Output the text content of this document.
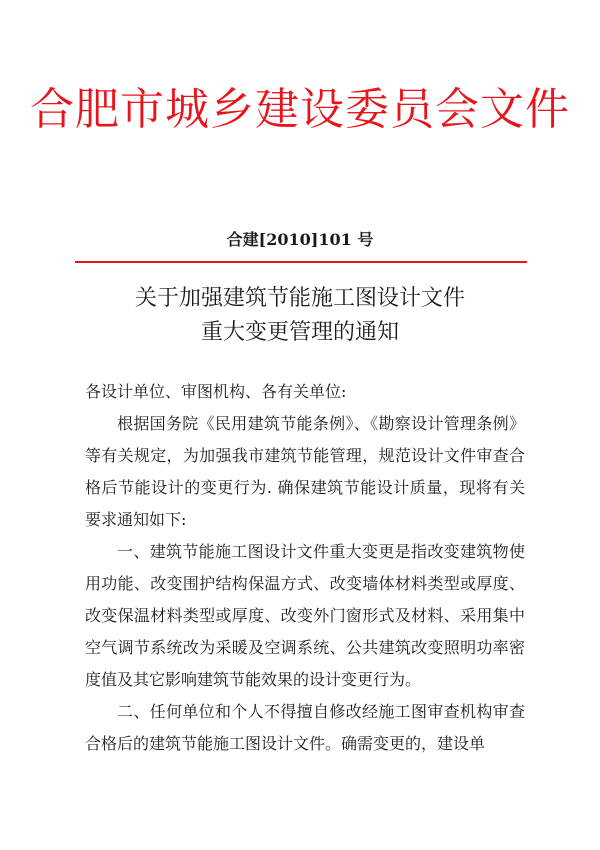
合肥市城乡建设委员会文件
合建[2010]101 号
关于加强建筑节能施工图设计文件
重大变更管理的通知

各设计单位、审图机构、各有关单位:

根据国务院《民用建筑节能条例》、《勘察设计管理条例》等有关规定，为加强我市建筑节能管理，规范设计文件审查合格后节能设计的变更行为. 确保建筑节能设计质量，现将有关要求通知如下:

一、建筑节能施工图设计文件重大变更是指改变建筑物使用功能、改变围护结构保温方式、改变墙体材料类型或厚度、改变保温材料类型或厚度、改变外门窗形式及材料、采用集中空气调节系统改为采暖及空调系统、公共建筑改变照明功率密度值及其它影响建筑节能效果的设计变更行为。

二、任何单位和个人不得擅自修改经施工图审查机构审查合格后的建筑节能施工图设计文件。确需变更的，建设单
